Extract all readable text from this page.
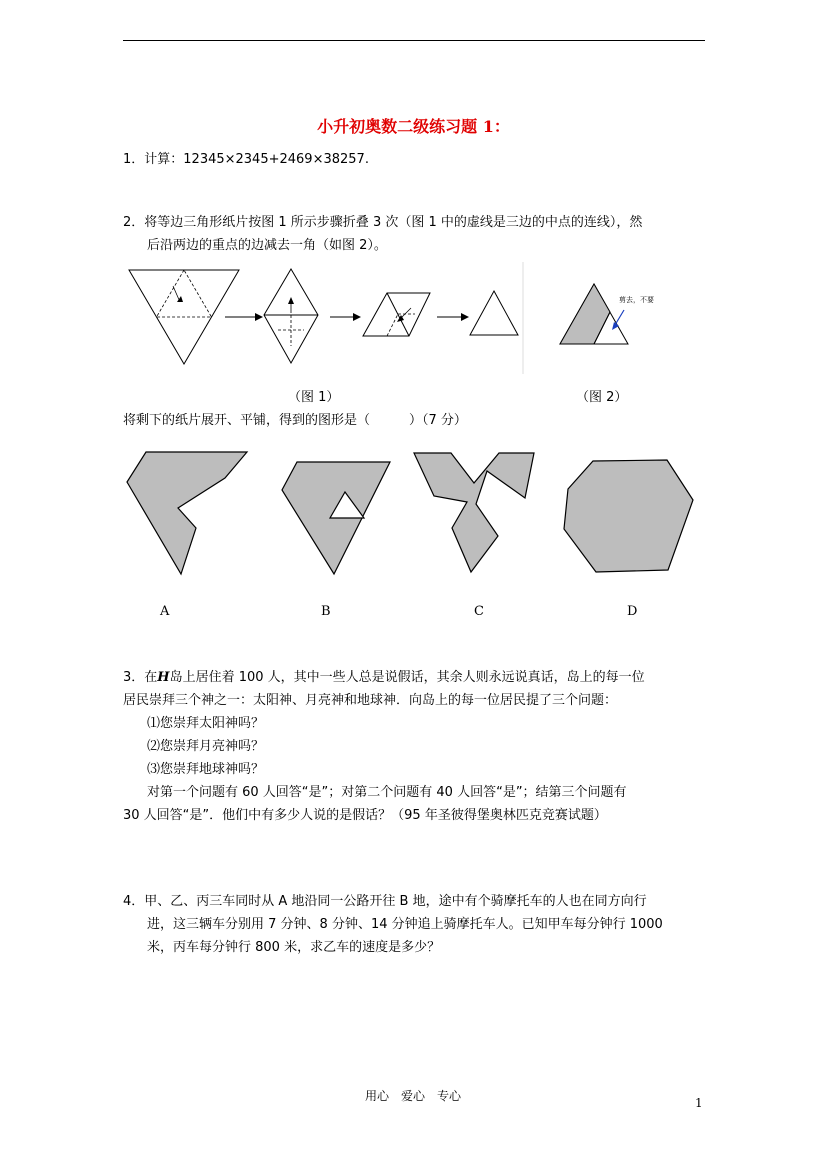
小升初奥数二级练习题 1：
1．计算：12345×2345+2469×38257.
2．将等边三角形纸片按图 1 所示步骤折叠 3 次（图 1 中的虚线是三边的中点的连线），然
后沿两边的重点的边减去一角（如图 2）。
剪去，不要
（图 1）	（图 2）
将剩下的纸片展开、平铺，得到的图形是（　　　）（7 分）
A	B	C	D
3．在H岛上居住着 100 人，其中一些人总是说假话，其余人则永远说真话，岛上的每一位
居民崇拜三个神之一：太阳神、月亮神和地球神．向岛上的每一位居民提了三个问题：
⑴您崇拜太阳神吗？
⑵您崇拜月亮神吗？
⑶您崇拜地球神吗？
对第一个问题有 60 人回答“是”；对第二个问题有 40 人回答“是”；结第三个问题有
30 人回答“是”．他们中有多少人说的是假话？（95 年圣彼得堡奥林匹克竞赛试题）
4．甲、乙、丙三车同时从 A 地沿同一公路开往 B 地，途中有个骑摩托车的人也在同方向行
进，这三辆车分别用 7 分钟、8 分钟、14 分钟追上骑摩托车人。已知甲车每分钟行 1000
米，丙车每分钟行 800 米，求乙车的速度是多少？
用心 爱心 专心	1
